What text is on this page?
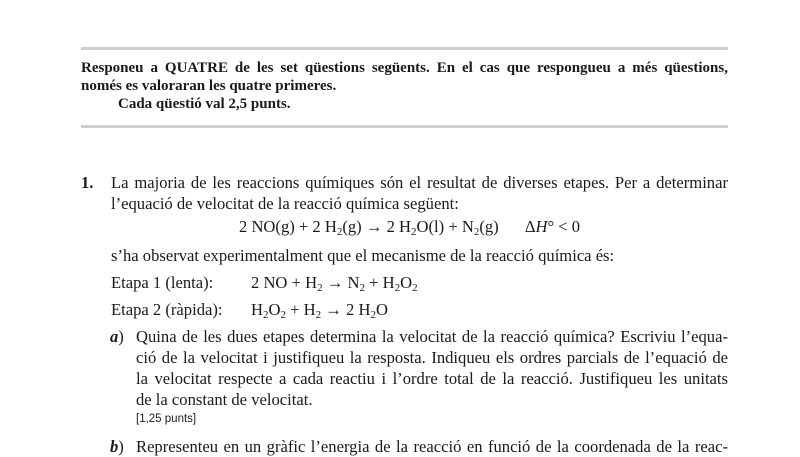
Responeu a QUATRE de les set qüestions següents. En el cas que respongueu a més qüestions,
només es valoraran les quatre primeres.
Cada qüestió val 2,5 punts.
1. La majoria de les reaccions químiques són el resultat de diverses etapes. Per a determinar
l’equació de velocitat de la reacció química següent:
2 NO(g) + 2 $H_2(g) \to 2$ $H_2O(l) + N_2(g) \Delta H^\circ < 0$
s’ha observat experimentalment que el mecanisme de la reacció química és:
Etapa 1 (lenta): 2 NO + $H_2 \to N_2 + H_2O_2$
Etapa 2 (ràpida): $H_2O_2 + H_2 \to 2$ $H_2O$
a) Quina de les dues etapes determina la velocitat de la reacció química? Escriviu l’equa-
ció de la velocitat i justifiqueu la resposta. Indiqueu els ordres parcials de l’equació de
la velocitat respecte a cada reactiu i l’ordre total de la reacció. Justifiqueu les unitats
de la constant de velocitat.
[1,25 punts]
b) Representeu en un gràfic l’energia de la reacció en funció de la coordenada de la reac-
